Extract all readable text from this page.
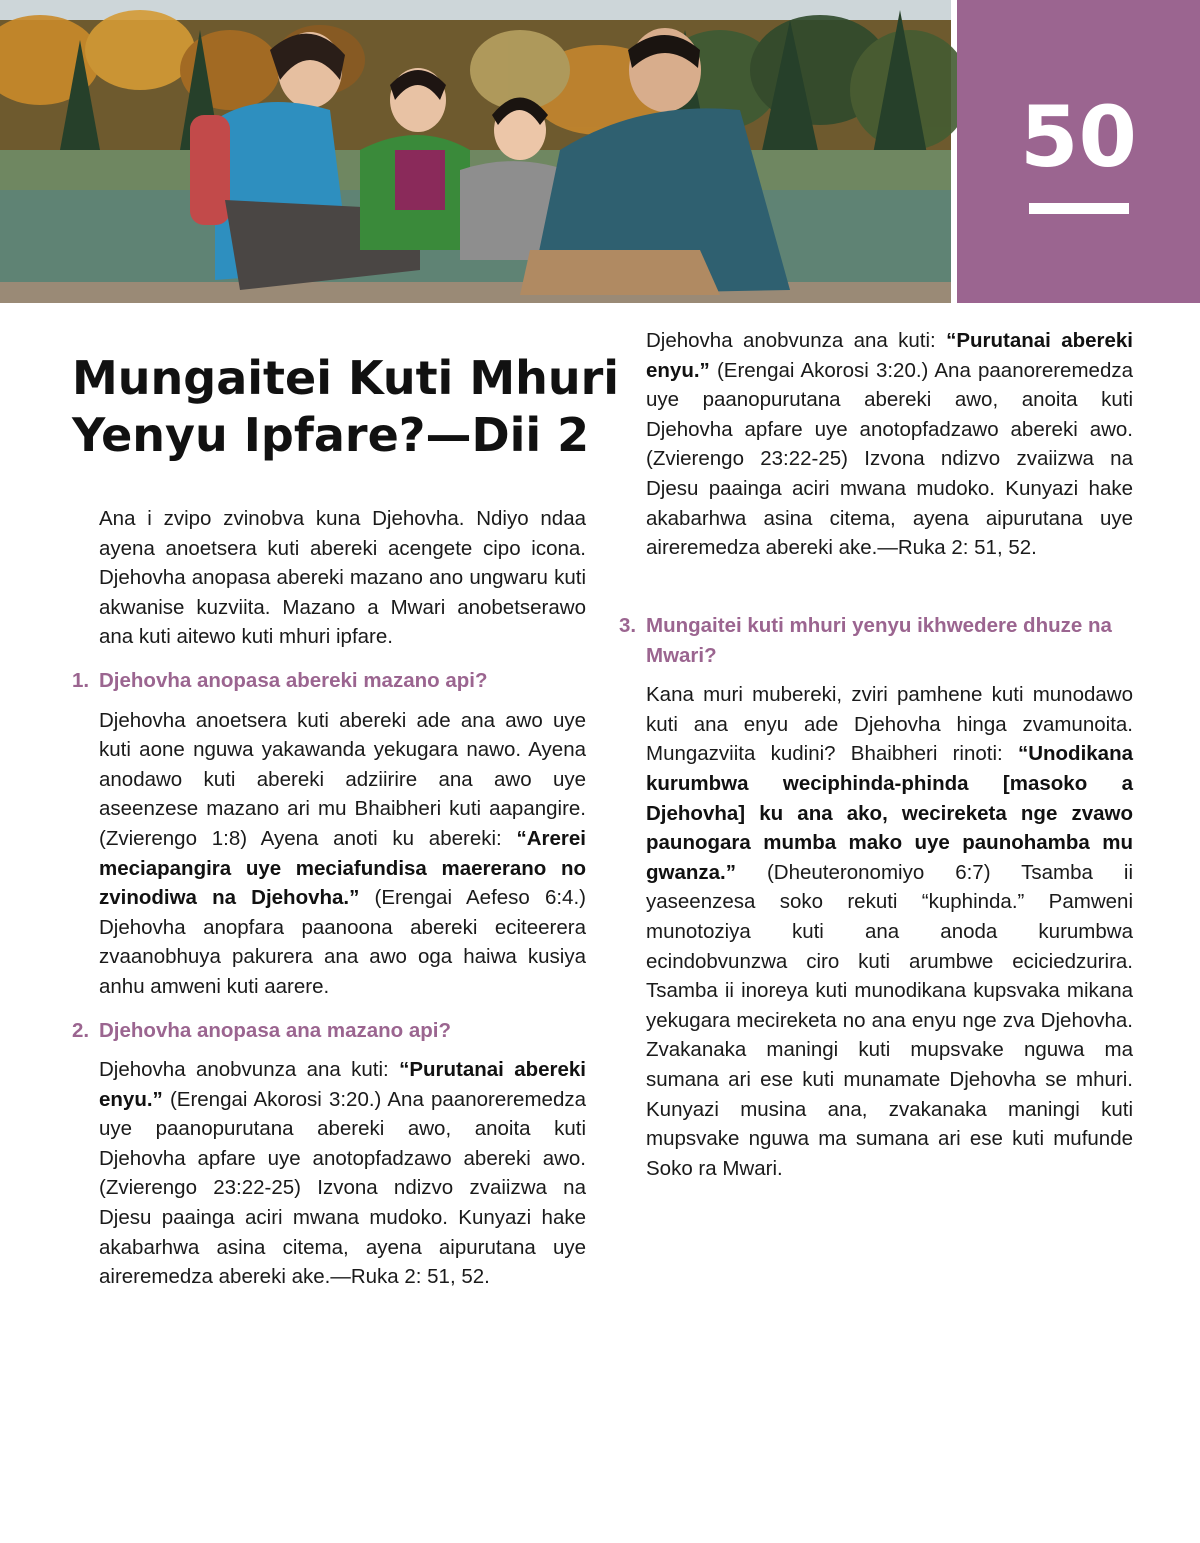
50
Mungaitei Kuti Mhuri Yenyu Ipfare?—Dii 2

Ana i zvipo zvinobva kuna Djehovha. Ndiyo ndaa ayena anoetsera kuti abereki acengete cipo icona. Djehovha anopasa abereki mazano ano ungwaru kuti akwanise kuzviita. Mazano a Mwari anobetserawo ana kuti aitewo kuti mhuri ipfare.

1. Djehovha anopasa abereki mazano api?

Djehovha anoetsera kuti abereki ade ana awo uye kuti aone nguwa yakawanda yekugara nawo. Ayena anodawo kuti abereki adziirire ana awo uye aseenzese mazano ari mu Bhaibheri kuti aapangire. (Zvierengo 1:8) Ayena anoti ku abereki: “Arerei meciapangira uye meciafundisa maererano no zvinodiwa na Djehovha.” (Erengai Aefeso 6:4.) Djehovha anopfara paanoona abereki eciteerera zvaanobhuya pakurera ana awo oga haiwa kusiya anhu amweni kuti aarere.

2. Djehovha anopasa ana mazano api?

Djehovha anobvunza ana kuti: “Purutanai abereki enyu.” (Erengai Akorosi 3:20.) Ana paanoreremedza uye paanopurutana abereki awo, anoita kuti Djehovha apfare uye anotopfadzawo abereki awo. (Zvierengo 23:22-25) Izvona ndizvo zvaiizwa na Djesu paainga aciri mwana mudoko. Kunyazi hake akabarhwa asina citema, ayena aipurutana uye aireremedza abereki ake.—Ruka 2: 51, 52.

Djehovha anobvunza ana kuti: “Purutanai abereki enyu.” (Erengai Akorosi 3:20.) Ana paanoreremedza uye paanopurutana abereki awo, anoita kuti Djehovha apfare uye anotopfadzawo abereki awo. (Zvierengo 23:22-25) Izvona ndizvo zvaiizwa na Djesu paainga aciri mwana mudoko. Kunyazi hake akabarhwa asina citema, ayena aipurutana uye aireremedza abereki ake.—Ruka 2: 51, 52.

3. Mungaitei kuti mhuri yenyu ikhwedere dhuze na Mwari?

Kana muri mubereki, zviri pamhene kuti munodawo kuti ana enyu ade Djehovha hinga zvamunoita. Mungazviita kudini? Bhaibheri rinoti: “Unodikana kurumbwa weciphinda-phinda [masoko a Djehovha] ku ana ako, wecireketa nge zvawo paunogara mumba mako uye paunohamba mu gwanza.” (Dheuteronomiyo 6:7) Tsamba ii yaseenzesa soko rekuti “kuphinda.” Pamweni munotoziya kuti ana anoda kurumbwa ecindobvunzwa ciro kuti arumbwe eciciedzurira. Tsamba ii inoreya kuti munodikana kupsvaka mikana yekugara mecireketa no ana enyu nge zva Djehovha. Zvakanaka maningi kuti mupsvake nguwa ma sumana ari ese kuti munamate Djehovha se mhuri. Kunyazi musina ana, zvakanaka maningi kuti mupsvake nguwa ma sumana ari ese kuti mufunde Soko ra Mwari.
